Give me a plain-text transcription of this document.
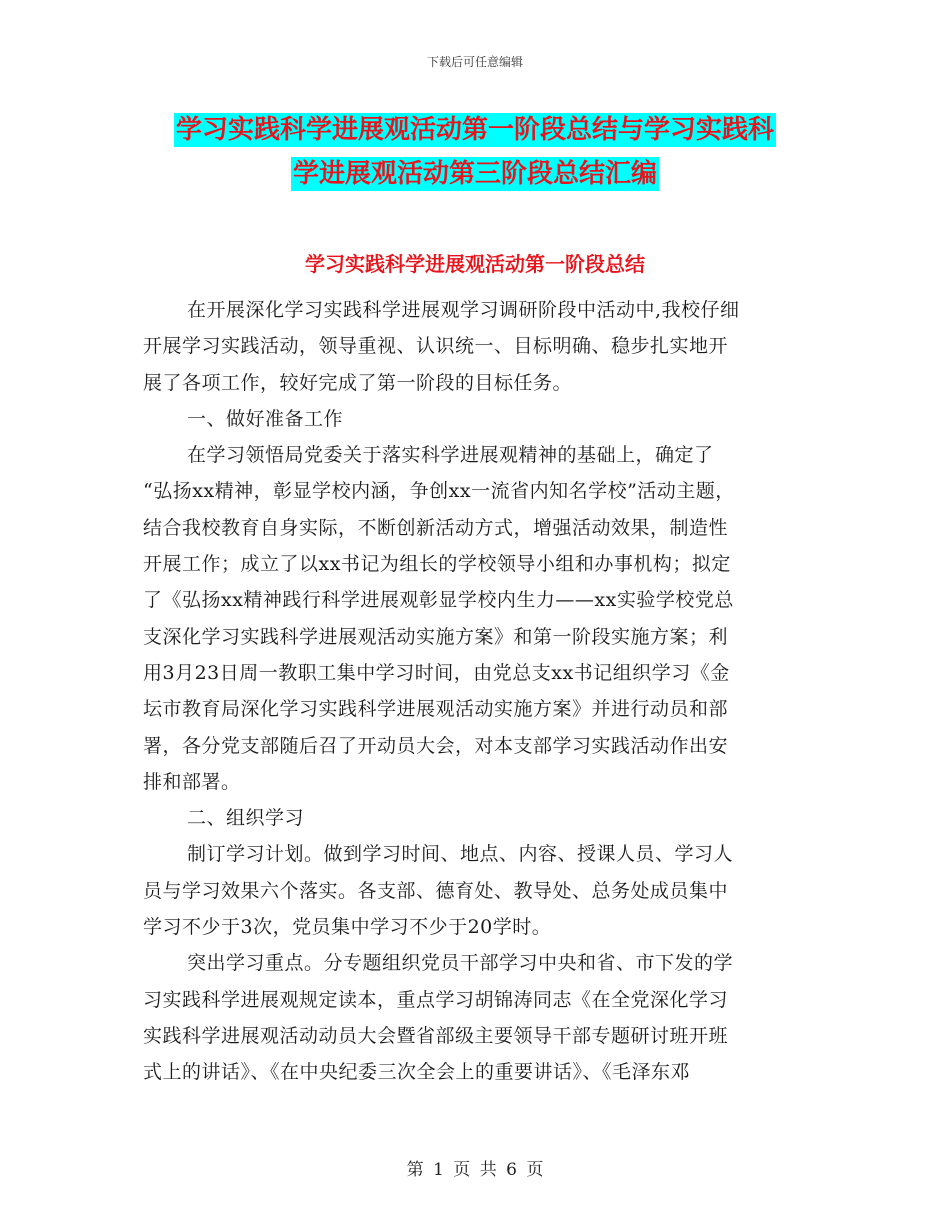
下载后可任意编辑
学习实践科学进展观活动第一阶段总结与学习实践科
学进展观活动第三阶段总结汇编
学习实践科学进展观活动第一阶段总结
在开展深化学习实践科学进展观学习调研阶段中活动中,我校仔细
开展学习实践活动，领导重视、认识统一、目标明确、稳步扎实地开
展了各项工作，较好完成了第一阶段的目标任务。
一、做好准备工作
在学习领悟局党委关于落实科学进展观精神的基础上，确定了
“弘扬xx精神，彰显学校内涵，争创xx一流省内知名学校”活动主题，
结合我校教育自身实际，不断创新活动方式，增强活动效果，制造性
开展工作；成立了以xx书记为组长的学校领导小组和办事机构；拟定
了《弘扬xx精神践行科学进展观彰显学校内生力——xx实验学校党总
支深化学习实践科学进展观活动实施方案》和第一阶段实施方案；利
用3月23日周一教职工集中学习时间，由党总支xx书记组织学习《金
坛市教育局深化学习实践科学进展观活动实施方案》并进行动员和部
署，各分党支部随后召了开动员大会，对本支部学习实践活动作出安
排和部署。
二、组织学习
制订学习计划。做到学习时间、地点、内容、授课人员、学习人
员与学习效果六个落实。各支部、德育处、教导处、总务处成员集中
学习不少于3次，党员集中学习不少于20学时。
突出学习重点。分专题组织党员干部学习中央和省、市下发的学
习实践科学进展观规定读本，重点学习胡锦涛同志《在全党深化学习
实践科学进展观活动动员大会暨省部级主要领导干部专题研讨班开班
式上的讲话》、《在中央纪委三次全会上的重要讲话》、《毛泽东邓
第 1 页 共 6 页
